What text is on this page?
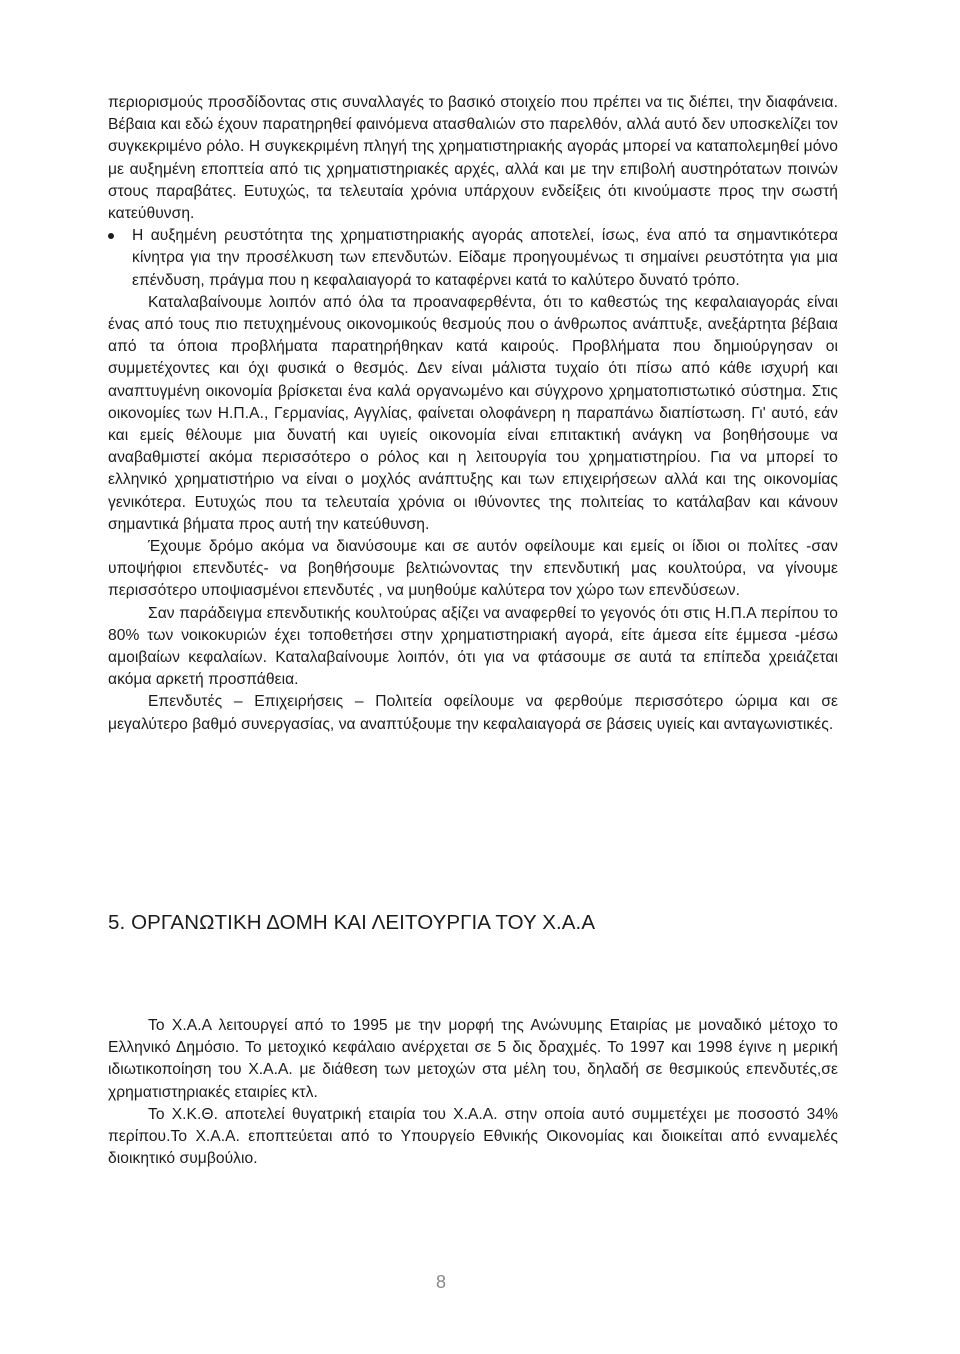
περιορισμούς προσδίδοντας στις συναλλαγές το βασικό στοιχείο που πρέπει να τις διέπει, την διαφάνεια. Βέβαια και εδώ έχουν παρατηρηθεί φαινόμενα ατασθαλιών στο παρελθόν, αλλά αυτό δεν υποσκελίζει τον συγκεκριμένο ρόλο. Η συγκεκριμένη πληγή της χρηματιστηριακής αγοράς μπορεί να καταπολεμηθεί μόνο με αυξημένη εποπτεία από τις χρηματιστηριακές αρχές, αλλά και με την επιβολή αυστηρότατων ποινών στους παραβάτες. Ευτυχώς, τα τελευταία χρόνια υπάρχουν ενδείξεις ότι κινούμαστε προς την σωστή κατεύθυνση.

Η αυξημένη ρευστότητα της χρηματιστηριακής αγοράς αποτελεί, ίσως, ένα από τα σημαντικότερα κίνητρα για την προσέλκυση των επενδυτών. Είδαμε προηγουμένως τι σημαίνει ρευστότητα για μια επένδυση, πράγμα που η κεφαλαιαγορά το καταφέρνει κατά το καλύτερο δυνατό τρόπο.

Καταλαβαίνουμε λοιπόν από όλα τα προαναφερθέντα, ότι το καθεστώς της κεφαλαιαγοράς είναι ένας από τους πιο πετυχημένους οικονομικούς θεσμούς που ο άνθρωπος ανάπτυξε, ανεξάρτητα βέβαια από τα όποια προβλήματα παρατηρήθηκαν κατά καιρούς. Προβλήματα που δημιούργησαν οι συμμετέχοντες και όχι φυσικά ο θεσμός. Δεν είναι μάλιστα τυχαίο ότι πίσω από κάθε ισχυρή και αναπτυγμένη οικονομία βρίσκεται ένα καλά οργανωμένο και σύγχρονο χρηματοπιστωτικό σύστημα. Στις οικονομίες των Η.Π.Α., Γερμανίας, Αγγλίας, φαίνεται ολοφάνερη η παραπάνω διαπίστωση. Γι' αυτό, εάν και εμείς θέλουμε μια δυνατή και υγιείς οικονομία είναι επιτακτική ανάγκη να βοηθήσουμε να αναβαθμιστεί ακόμα περισσότερο ο ρόλος και η λειτουργία του χρηματιστηρίου. Για να μπορεί το ελληνικό χρηματιστήριο να είναι ο μοχλός ανάπτυξης και των επιχειρήσεων αλλά και της οικονομίας γενικότερα. Ευτυχώς που τα τελευταία χρόνια οι ιθύνοντες της πολιτείας το κατάλαβαν και κάνουν σημαντικά βήματα προς αυτή την κατεύθυνση.

Έχουμε δρόμο ακόμα να διανύσουμε και σε αυτόν οφείλουμε και εμείς οι ίδιοι οι πολίτες -σαν υποψήφιοι επενδυτές- να βοηθήσουμε βελτιώνοντας την επενδυτική μας κουλτούρα, να γίνουμε περισσότερο υποψιασμένοι επενδυτές , να μυηθούμε καλύτερα τον χώρο των επενδύσεων.

Σαν παράδειγμα επενδυτικής κουλτούρας αξίζει να αναφερθεί το γεγονός ότι στις Η.Π.Α περίπου το 80% των νοικοκυριών έχει τοποθετήσει στην χρηματιστηριακή αγορά, είτε άμεσα είτε έμμεσα -μέσω αμοιβαίων κεφαλαίων. Καταλαβαίνουμε λοιπόν, ότι για να φτάσουμε σε αυτά τα επίπεδα χρειάζεται ακόμα αρκετή προσπάθεια.

Επενδυτές – Επιχειρήσεις – Πολιτεία οφείλουμε να φερθούμε περισσότερο ώριμα και σε μεγαλύτερο βαθμό συνεργασίας, να αναπτύξουμε την κεφαλαιαγορά σε βάσεις υγιείς και ανταγωνιστικές.

5. ΟΡΓΑΝΩΤΙΚΗ ΔΟΜΗ ΚΑΙ ΛΕΙΤΟΥΡΓΙΑ ΤΟΥ Χ.Α.Α

Το Χ.Α.Α λειτουργεί από το 1995 με την μορφή της Ανώνυμης Εταιρίας με μοναδικό μέτοχο το Ελληνικό Δημόσιο. Το μετοχικό κεφάλαιο ανέρχεται σε 5 δις δραχμές. Το 1997 και 1998 έγινε η μερική ιδιωτικοποίηση του Χ.Α.Α. με διάθεση των μετοχών στα μέλη του, δηλαδή σε θεσμικούς επενδυτές,σε χρηματιστηριακές εταιρίες κτλ.

Το Χ.Κ.Θ. αποτελεί θυγατρική εταιρία του Χ.Α.Α. στην οποία αυτό συμμετέχει με ποσοστό 34% περίπου.Το Χ.Α.Α. εποπτεύεται από το Υπουργείο Εθνικής Οικονομίας και διοικείται από ενναμελές διοικητικό συμβούλιο.

8
